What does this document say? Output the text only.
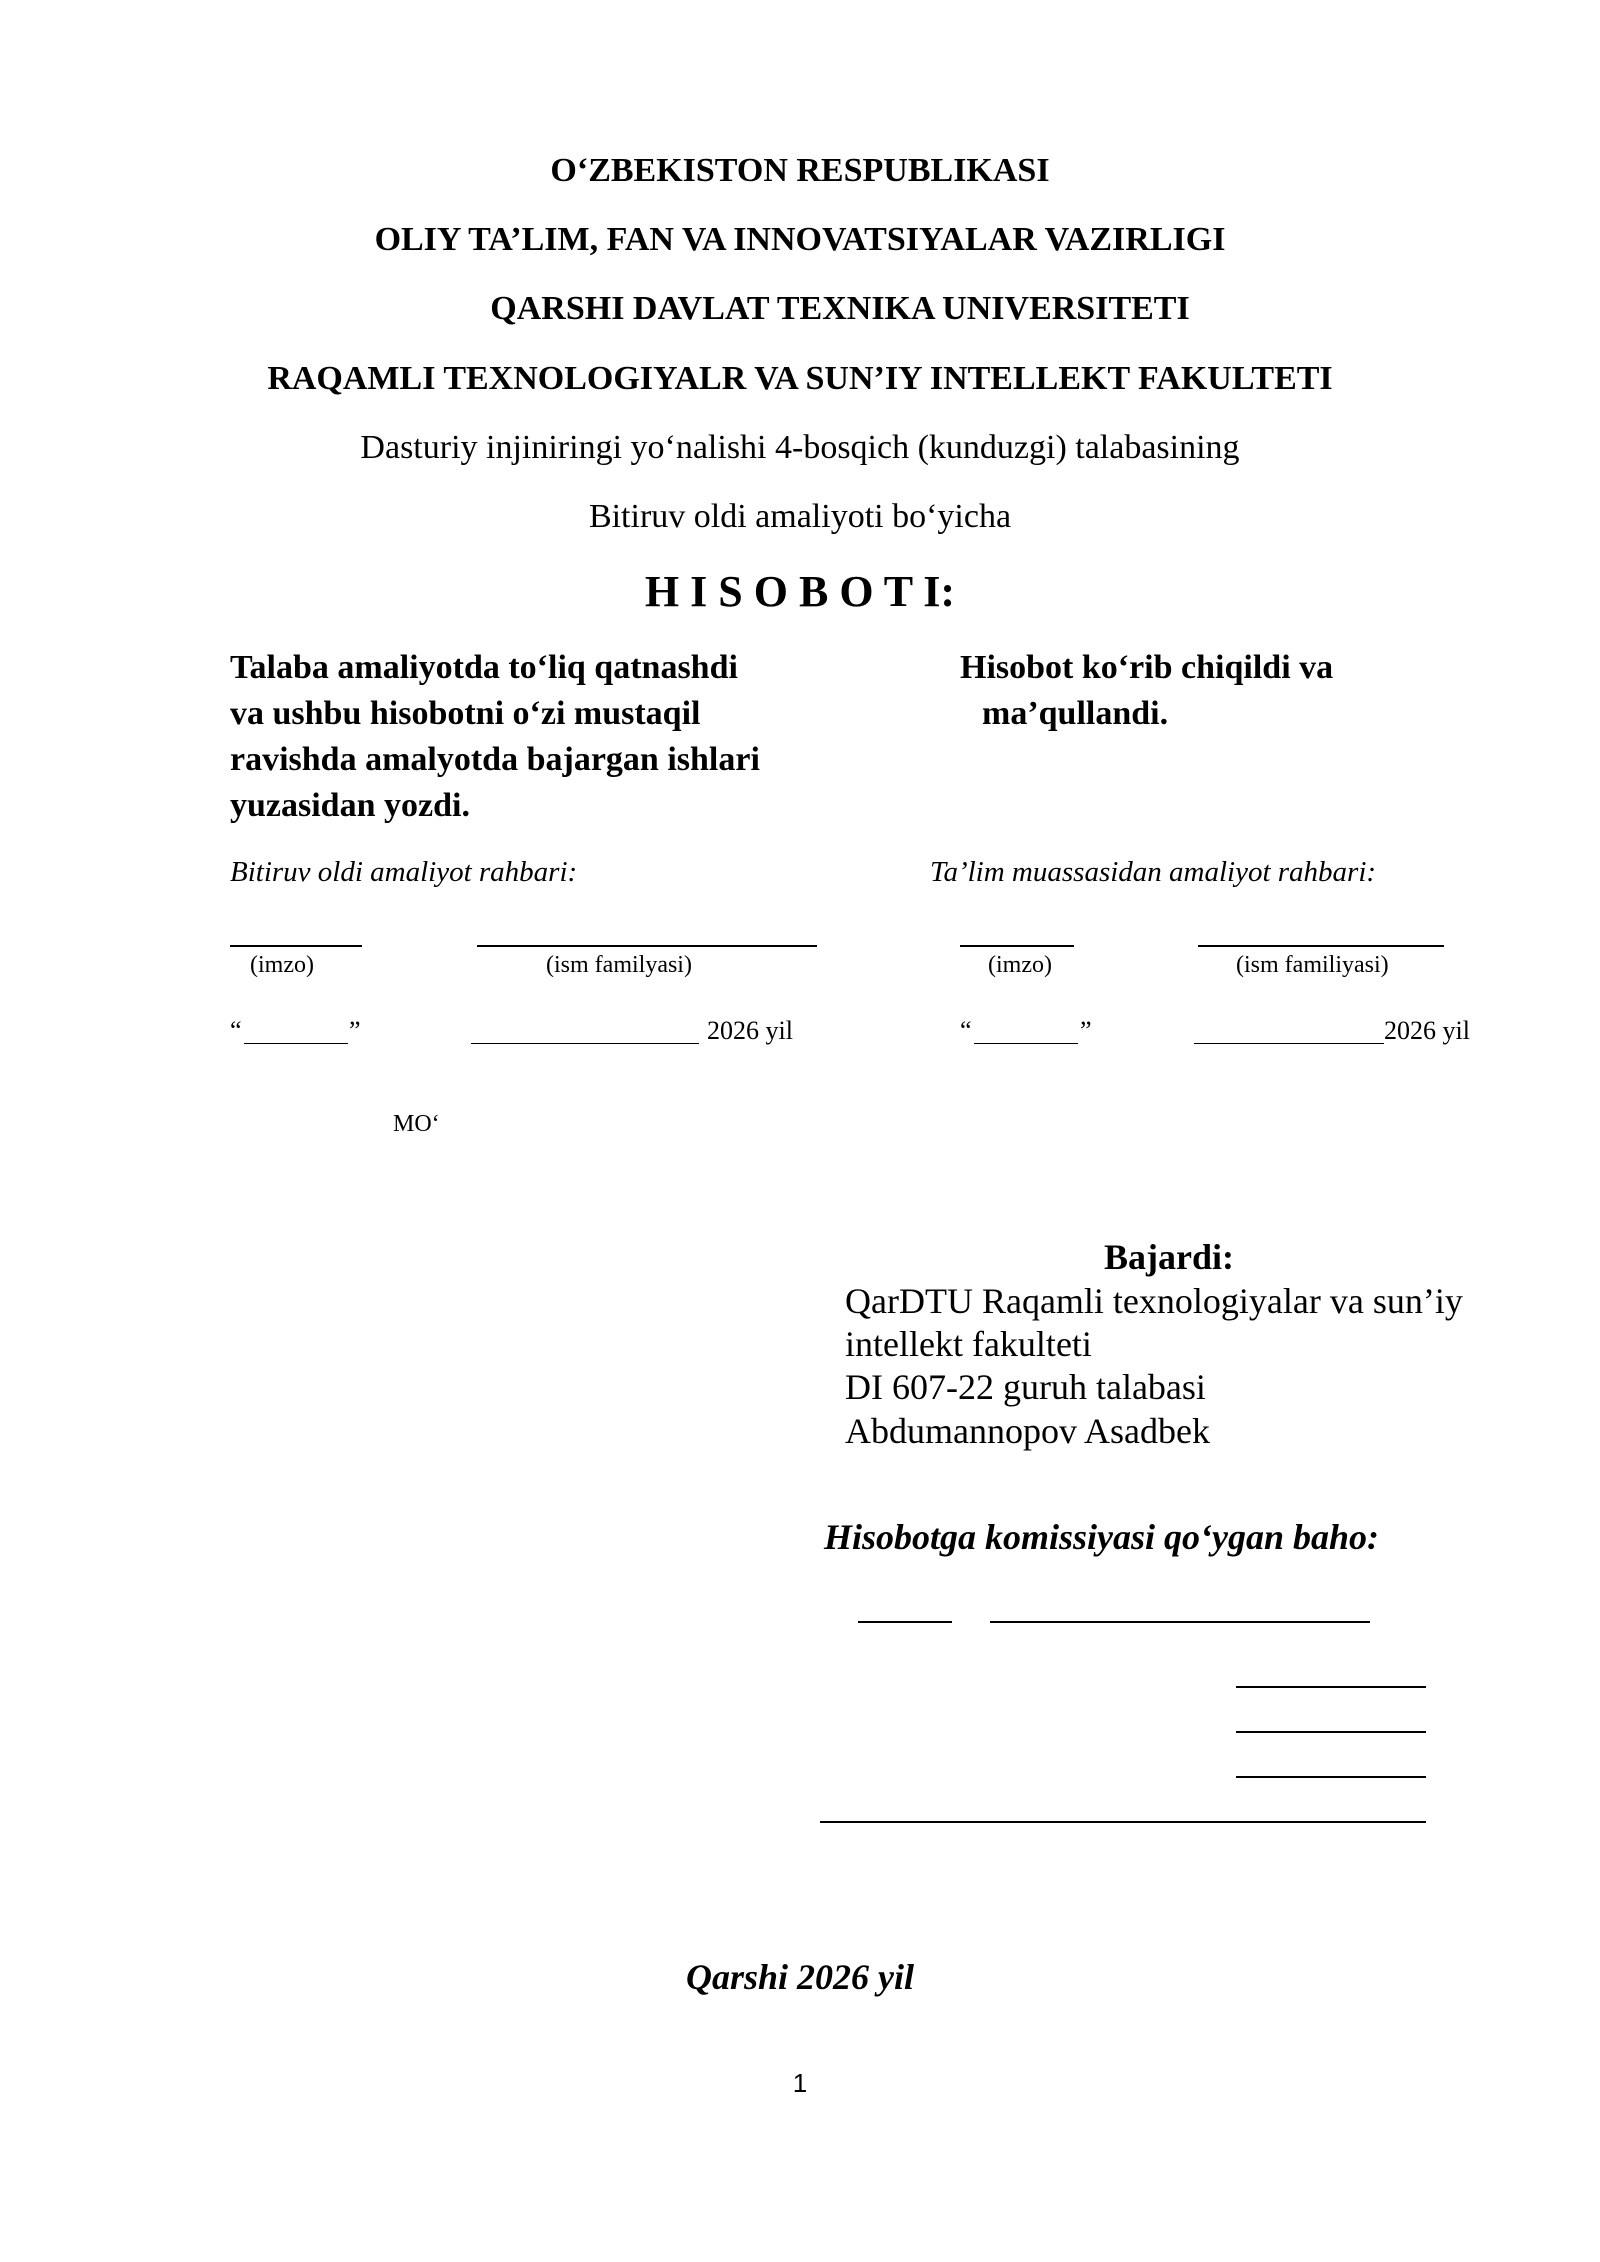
O‘ZBEKISTON RESPUBLIKASI
OLIY TA’LIM, FAN VA INNOVATSIYALAR VAZIRLIGI
QARSHI DAVLAT TEXNIKA UNIVERSITETI
RAQAMLI TEXNOLOGIYALR VA SUN’IY INTELLEKT FAKULTETI
Dasturiy injiniringi yo‘nalishi 4-bosqich (kunduzgi) talabasining
Bitiruv oldi amaliyoti bo‘yicha
H I S O B O T I:
Talaba amaliyotda to‘liq qatnashdi
va ushbu hisobotni o‘zi mustaqil
ravishda amalyotda bajargan ishlari
yuzasidan yozdi.
Bitiruv oldi amaliyot rahbari:
(imzo)	(ism familyasi)
“	”	2026 yil
MO‘
Hisobot ko‘rib chiqildi va
ma’qullandi.
Ta’lim muassasidan amaliyot rahbari:
(imzo)	(ism familiyasi)
“	”	2026 yil
Bajardi:
QarDTU Raqamli texnologiyalar va sun’iy
intellekt fakulteti
DI 607-22 guruh talabasi
Abdumannopov Asadbek
Hisobotga komissiyasi qo‘ygan baho:
Qarshi 2026 yil
1
